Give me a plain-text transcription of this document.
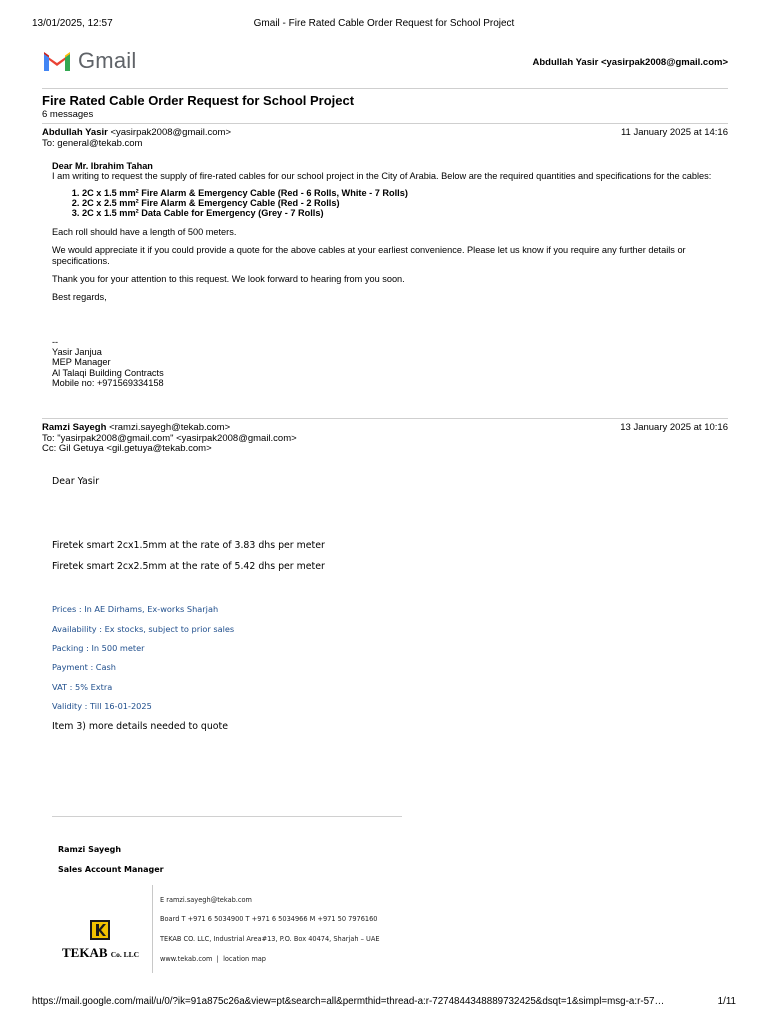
13/01/2025, 12:57	Gmail - Fire Rated Cable Order Request for School Project
Gmail	Abdullah Yasir <yasirpak2008@gmail.com>
Fire Rated Cable Order Request for School Project
6 messages
Abdullah Yasir <yasirpak2008@gmail.com>
To: general@tekab.com
11 January 2025 at 14:16

Dear Mr. Ibrahim Tahan

I am writing to request the supply of fire-rated cables for our school project in the City of Arabia. Below are the required quantities and specifications for the cables:

1. 2C x 1.5 mm² Fire Alarm & Emergency Cable (Red - 6 Rolls, White - 7 Rolls)
2. 2C x 2.5 mm² Fire Alarm & Emergency Cable (Red - 2 Rolls)
3. 2C x 1.5 mm² Data Cable for Emergency (Grey - 7 Rolls)

Each roll should have a length of 500 meters.

We would appreciate it if you could provide a quote for the above cables at your earliest convenience. Please let us know if you require any further details or specifications.

Thank you for your attention to this request. We look forward to hearing from you soon.

Best regards,

--
Yasir Janjua
MEP Manager
Al Talaqi Building Contracts
Mobile no: +971569334158
Ramzi Sayegh <ramzi.sayegh@tekab.com>
To: "yasirpak2008@gmail.com" <yasirpak2008@gmail.com>
Cc: Gil Getuya <gil.getuya@tekab.com>
13 January 2025 at 10:16
Dear Yasir
Firetek smart 2cx1.5mm at the rate of 3.83 dhs per meter
Firetek smart 2cx2.5mm at the rate of 5.42 dhs per meter
Prices : In AE Dirhams, Ex-works Sharjah
Availability : Ex stocks, subject to prior sales
Packing : In 500 meter
Payment : Cash
VAT : 5% Extra
Validity : Till 16-01-2025
Item 3) more details needed to quote
Ramzi Sayegh
Sales Account Manager
TEKAB Co. LLC
E ramzi.sayegh@tekab.com
Board T +971 6 5034900 T +971 6 5034966 M +971 50 7976160
TEKAB CO. LLC, Industrial Area#13, P.O. Box 40474, Sharjah – UAE
www.tekab.com | location map
https://mail.google.com/mail/u/0/?ik=91a875c26a&view=pt&search=all&permthid=thread-a:r-7274844348889732425&dsqt=1&simpl=msg-a:r-57…	1/11
